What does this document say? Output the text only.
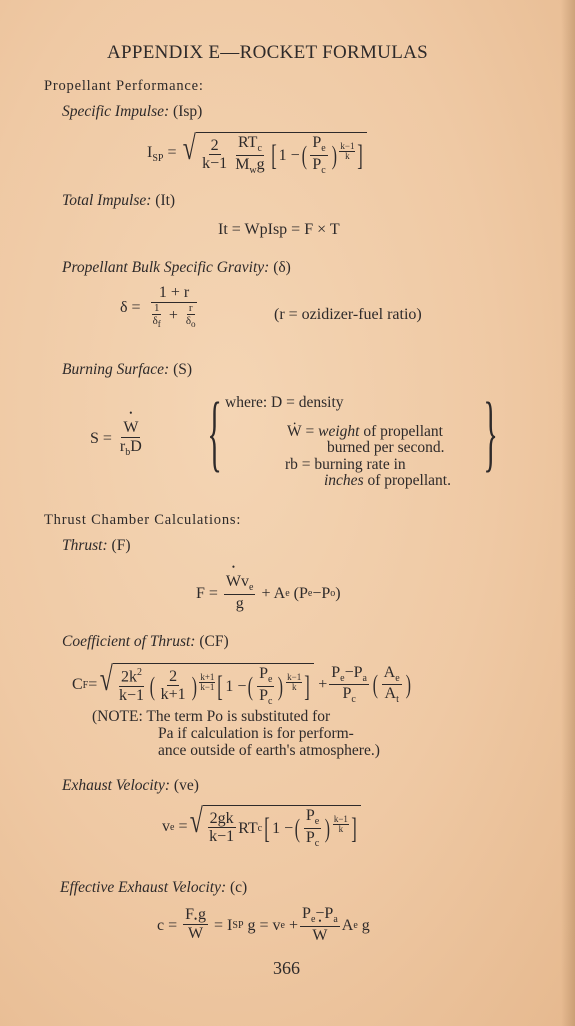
APPENDIX E—ROCKET FORMULAS
Propellant Performance:
Specific Impulse: (Isp)
$I_{SP}$ = √ $\frac{2}{k-1} \frac{RT_c}{M_wg}$ [ 1 − ( $\frac{P_e}{P_c}$ ) k−1
k ]
Total Impulse: (It)
It = WpIsp = F × T
Propellant Bulk Specific Gravity: (δ)
$\delta = \frac{1 + r}{\frac{1}{\delta_f} + \frac{r}{\delta_o}}$	(r = ozidizer-fuel ratio)
Burning Surface: (S)
S = • $\frac{W}{r_bD}$ {	}
where: D = density
Ẇ = weight of propellant
burned per second.
rb = burning rate in
inches of propellant.
Thrust Chamber Calculations:
Thrust: (F)
F = • $\frac{Wv_e}{g} + A$ e (P e −P o )
Coefficient of Thrust: (CF)
C F = √ $\frac{2k^2}{k-1}$ ( $\frac{2}{k+1}$ ) k+1
k−1 [ 1 − ( $\frac{P_e}{P_c}$ ) k−1
k ] + $\frac{P_e-P_a}{P_c}$ ( $\frac{A_e}{A_t}$ )
(NOTE: The term Po is substituted for
Pa if calculation is for perform-
ance outside of earth's atmosphere.)
Exhaust Velocity: (ve)
v e = √ $\frac{2gk}{k-1}$ RT c [ 1 − ( $\frac{P_e}{P_c}$ ) k−1
k ]
Effective Exhaust Velocity: (c)
c = F g
• W = I SP g = v $e + P_e-P_a$
• W A e g
366
